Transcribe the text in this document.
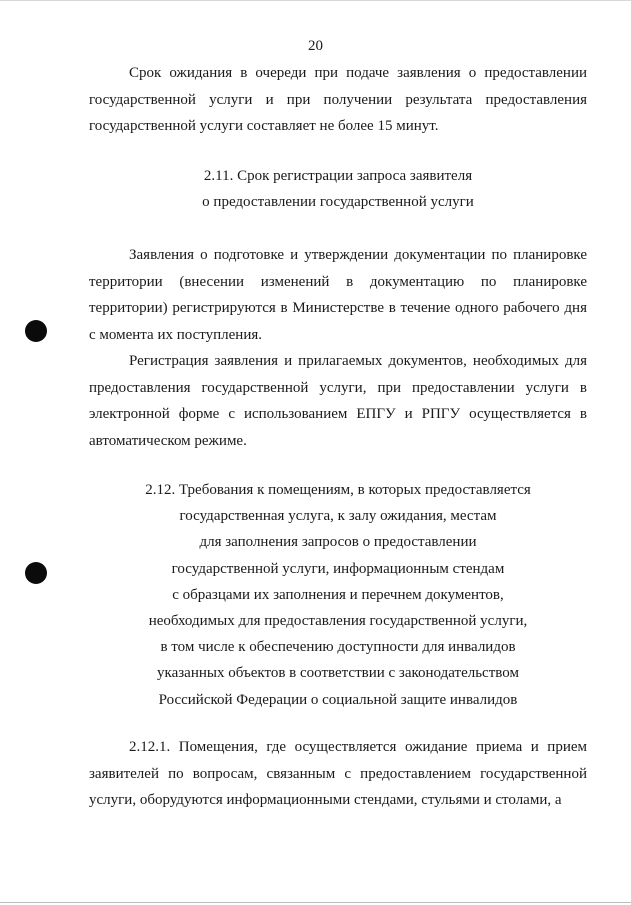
20

Срок ожидания в очереди при подаче заявления о предоставлении государственной услуги и при получении результата предоставления государственной услуги составляет не более 15 минут.

2.11. Срок регистрации запроса заявителя
о предоставлении государственной услуги

Заявления о подготовке и утверждении документации по планировке территории (внесении изменений в документацию по планировке территории) регистрируются в Министерстве в течение одного рабочего дня с момента их поступления.

Регистрация заявления и прилагаемых документов, необходимых для предоставления государственной услуги, при предоставлении услуги в электронной форме с использованием ЕПГУ и РПГУ осуществляется в автоматическом режиме.

2.12. Требования к помещениям, в которых предоставляется
государственная услуга, к залу ожидания, местам
для заполнения запросов о предоставлении
государственной услуги, информационным стендам
с образцами их заполнения и перечнем документов,
необходимых для предоставления государственной услуги,
в том числе к обеспечению доступности для инвалидов
указанных объектов в соответствии с законодательством
Российской Федерации о социальной защите инвалидов

2.12.1. Помещения, где осуществляется ожидание приема и прием заявителей по вопросам, связанным с предоставлением государственной услуги, оборудуются информационными стендами, стульями и столами, а
